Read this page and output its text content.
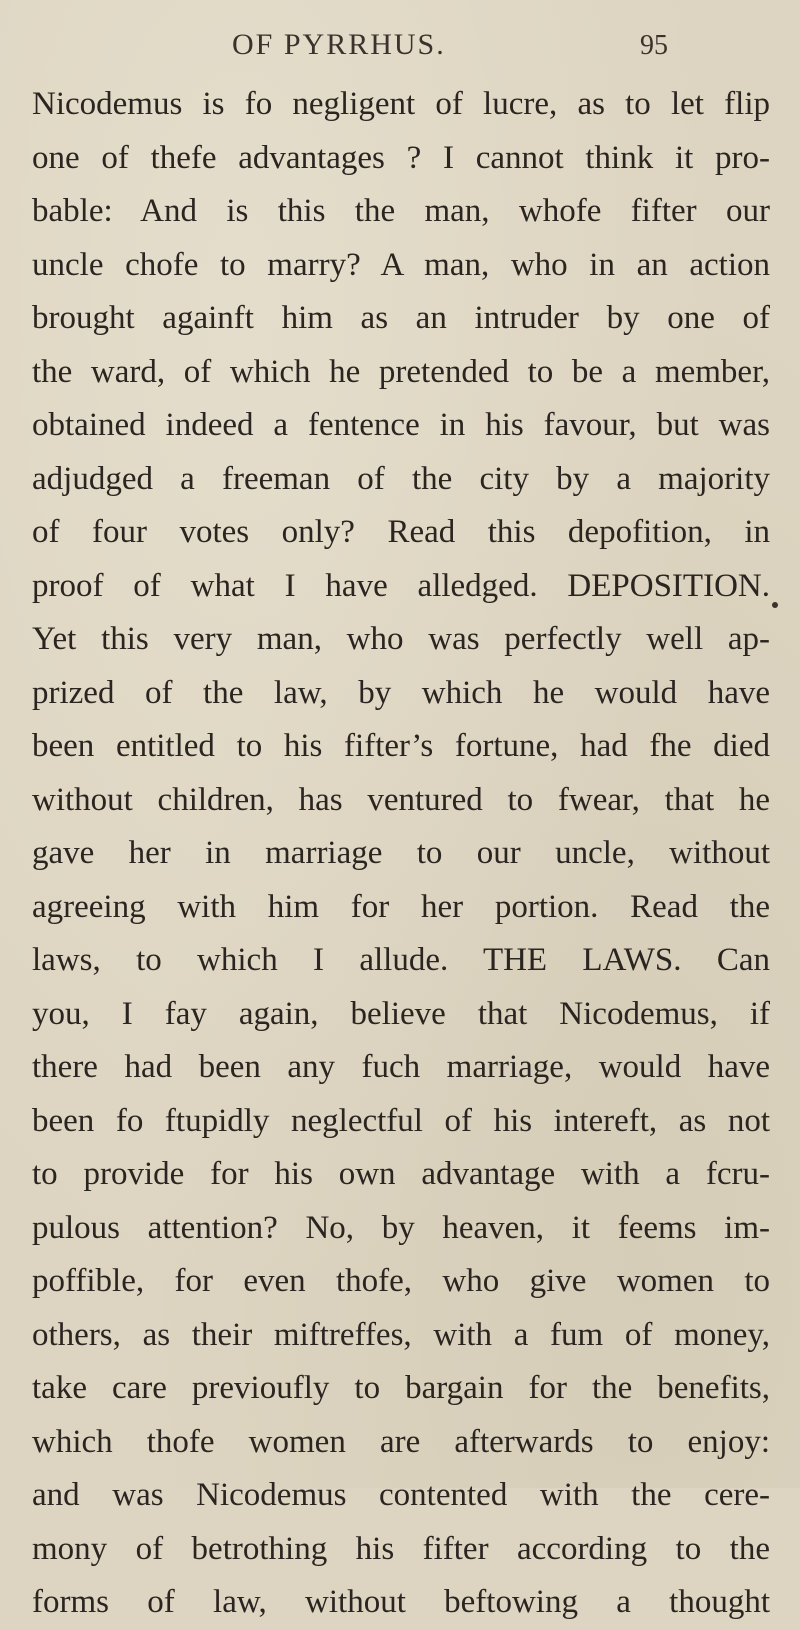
OF PYRRHUS.	95
Nicodemus is fo negligent of lucre, as to let flip
one of thefe advantages ? I cannot think it pro-
bable: And is this the man, whofe fifter our
uncle chofe to marry? A man, who in an action
brought againft him as an intruder by one of
the ward, of which he pretended to be a member,
obtained indeed a fentence in his favour, but was
adjudged a freeman of the city by a majority
of four votes only? Read this depofition, in
proof of what I have alledged. DEPOSITION.
Yet this very man, who was perfectly well ap-
prized of the law, by which he would have
been entitled to his fifter’s fortune, had fhe died
without children, has ventured to fwear, that he
gave her in marriage to our uncle, without
agreeing with him for her portion. Read the
laws, to which I allude. THE LAWS. Can
you, I fay again, believe that Nicodemus, if
there had been any fuch marriage, would have
been fo ftupidly neglectful of his intereft, as not
to provide for his own advantage with a fcru-
pulous attention? No, by heaven, it feems im-
poffible, for even thofe, who give women to
others, as their miftreffes, with a fum of money,
take care previoufly to bargain for the benefits,
which thofe women are afterwards to enjoy:
and was Nicodemus contented with the cere-
mony of betrothing his fifter according to the
forms of law, without beftowing a thought
